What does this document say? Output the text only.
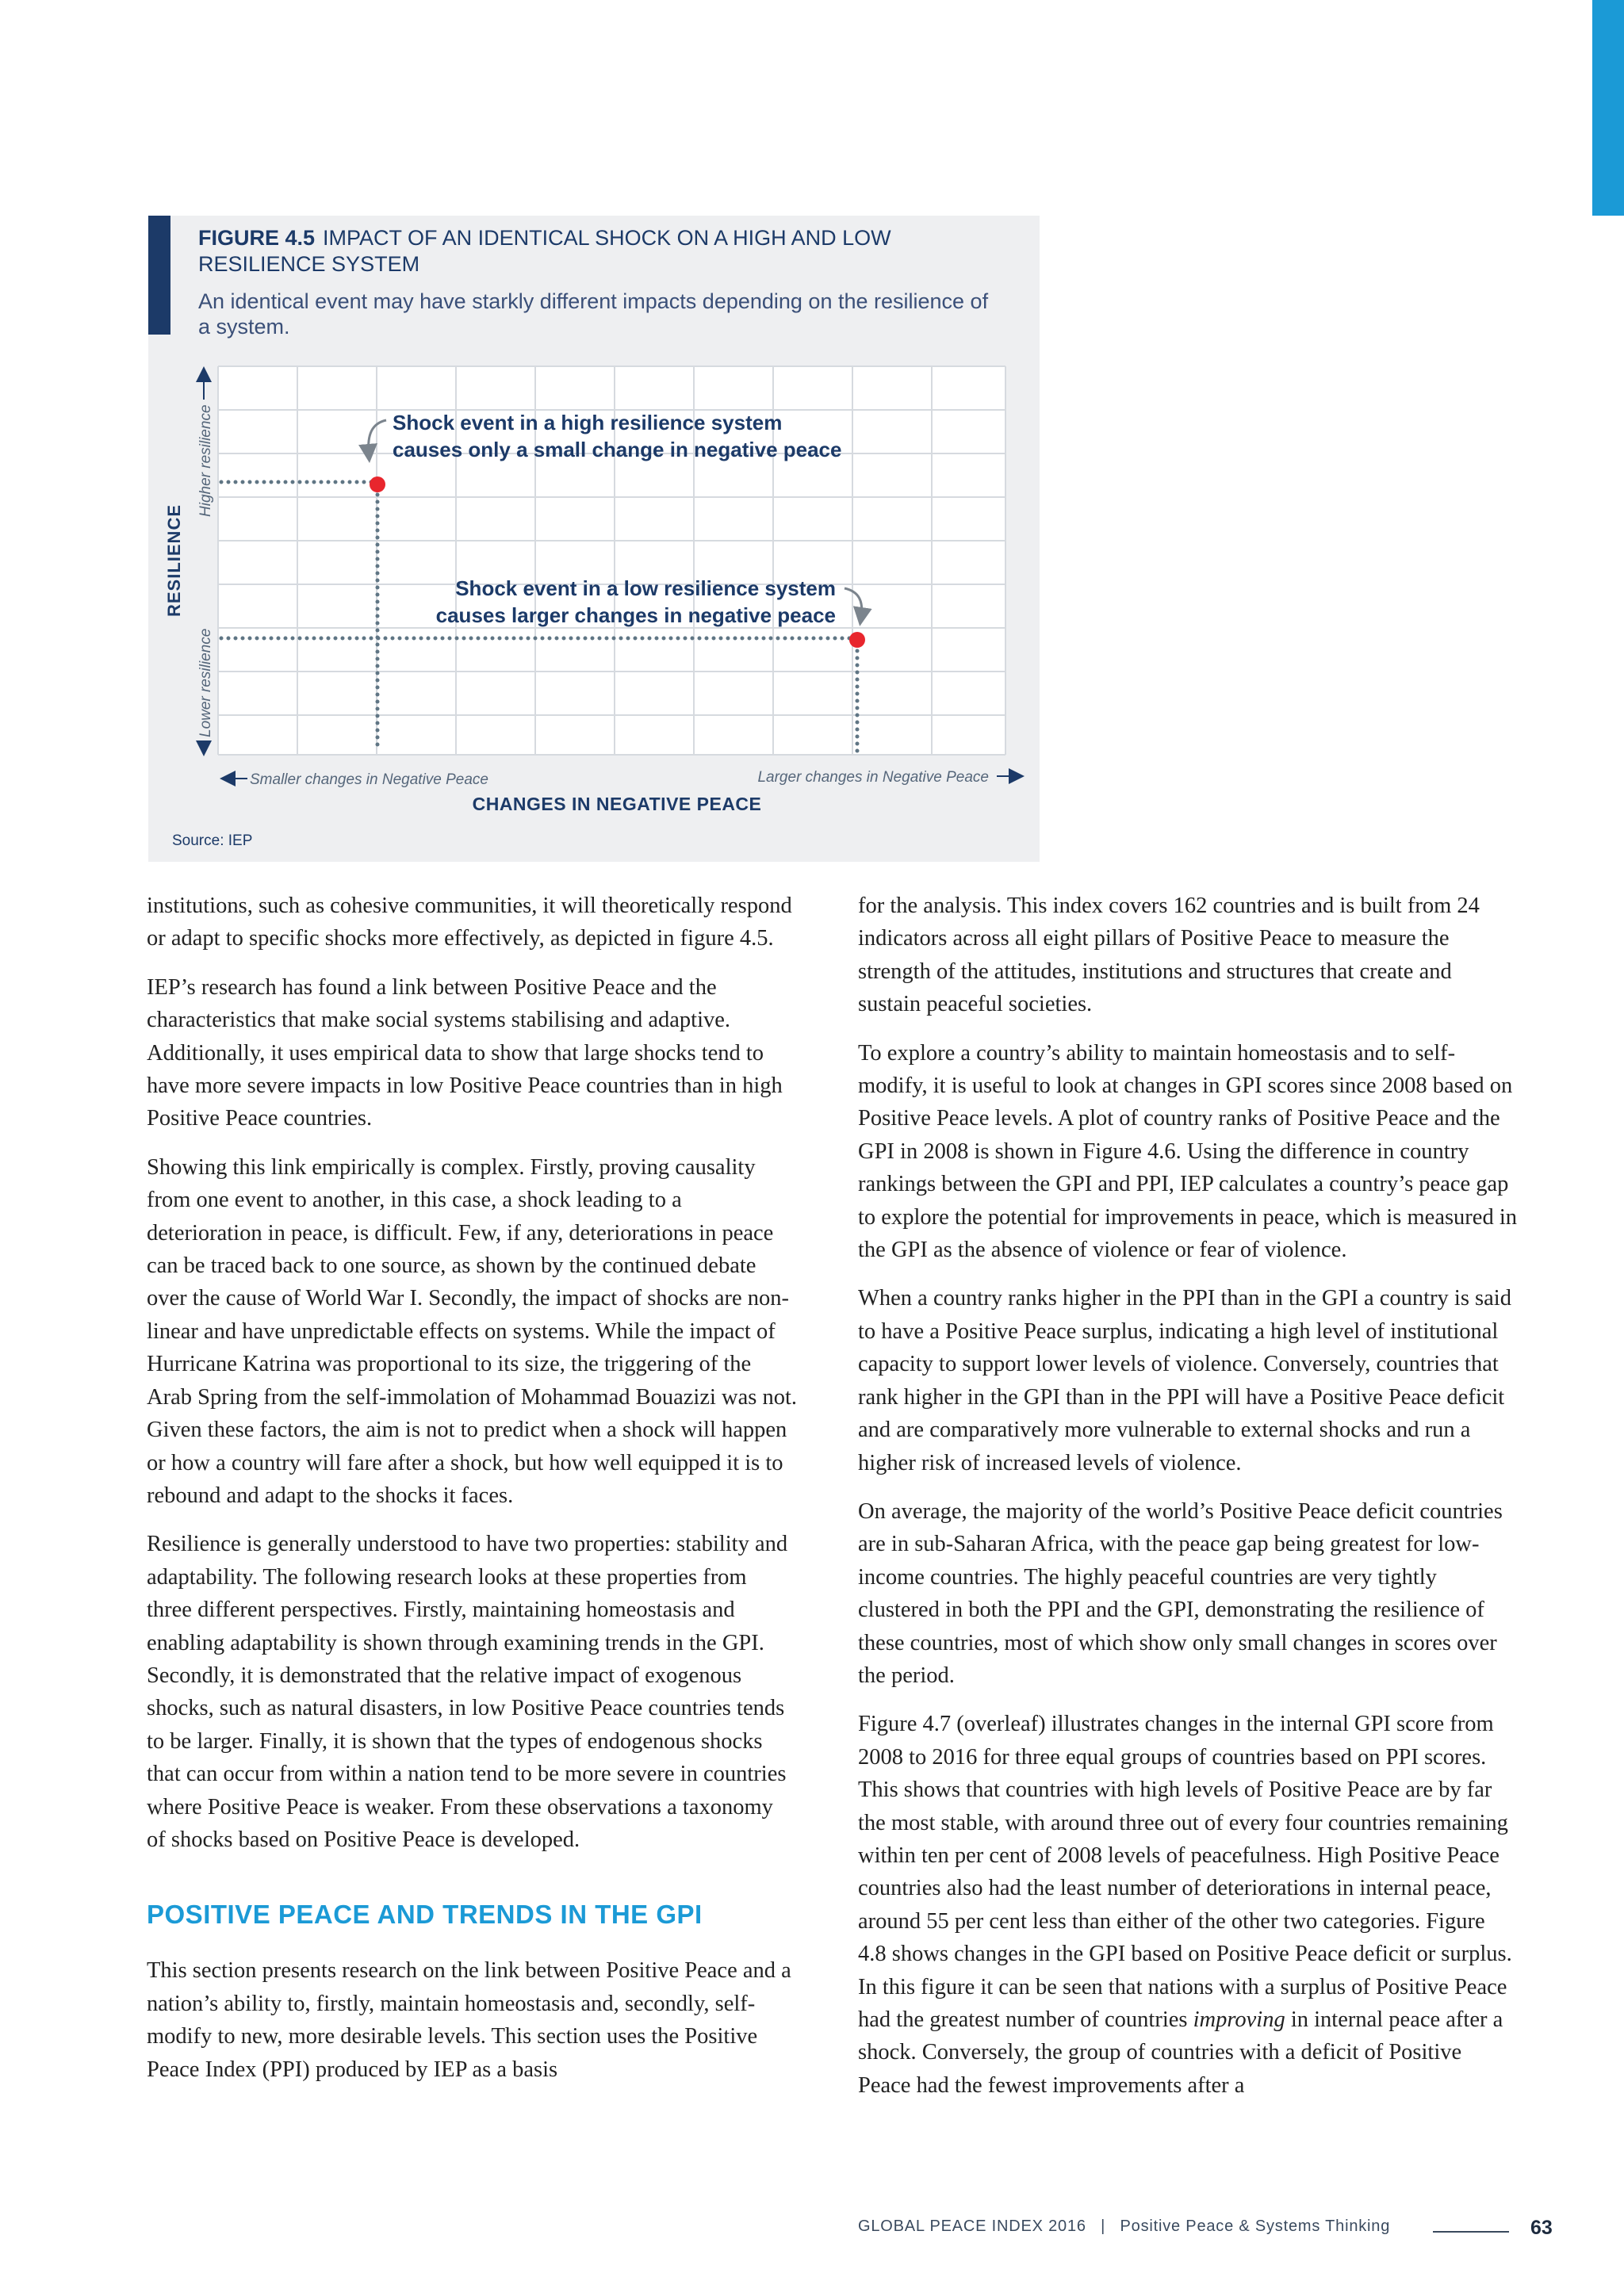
FIGURE 4.5 IMPACT OF AN IDENTICAL SHOCK ON A HIGH AND LOW RESILIENCE SYSTEM
An identical event may have starkly different impacts depending on the resilience of a system.
Shock event in a high resilience system
causes only a small change in negative peace
Shock event in a low resilience system
causes larger changes in negative peace
RESILIENCE
Higher resilience
Lower resilience
Smaller changes in Negative Peace	Larger changes in Negative Peace
CHANGES IN NEGATIVE PEACE
Source: IEP

institutions, such as cohesive communities, it will theoretically respond or adapt to specific shocks more effectively, as depicted in figure 4.5.

IEP’s research has found a link between Positive Peace and the characteristics that make social systems stabilising and adaptive. Additionally, it uses empirical data to show that large shocks tend to have more severe impacts in low Positive Peace countries than in high Positive Peace countries.

Showing this link empirically is complex. Firstly, proving causality from one event to another, in this case, a shock leading to a deterioration in peace, is difficult. Few, if any, deteriorations in peace can be traced back to one source, as shown by the continued debate over the cause of World War I. Secondly, the impact of shocks are non-linear and have unpredictable effects on systems. While the impact of Hurricane Katrina was proportional to its size, the triggering of the Arab Spring from the self-immolation of Mohammad Bouazizi was not. Given these factors, the aim is not to predict when a shock will happen or how a country will fare after a shock, but how well equipped it is to rebound and adapt to the shocks it faces.

Resilience is generally understood to have two properties: stability and adaptability. The following research looks at these properties from three different perspectives. Firstly, maintaining homeostasis and enabling adaptability is shown through examining trends in the GPI. Secondly, it is demonstrated that the relative impact of exogenous shocks, such as natural disasters, in low Positive Peace countries tends to be larger. Finally, it is shown that the types of endogenous shocks that can occur from within a nation tend to be more severe in countries where Positive Peace is weaker. From these observations a taxonomy of shocks based on Positive Peace is developed.

POSITIVE PEACE AND TRENDS IN THE GPI

This section presents research on the link between Positive Peace and a nation’s ability to, firstly, maintain homeostasis and, secondly, self-modify to new, more desirable levels. This section uses the Positive Peace Index (PPI) produced by IEP as a basis

for the analysis. This index covers 162 countries and is built from 24 indicators across all eight pillars of Positive Peace to measure the strength of the attitudes, institutions and structures that create and sustain peaceful societies.

To explore a country’s ability to maintain homeostasis and to self-modify, it is useful to look at changes in GPI scores since 2008 based on Positive Peace levels. A plot of country ranks of Positive Peace and the GPI in 2008 is shown in Figure 4.6. Using the difference in country rankings between the GPI and PPI, IEP calculates a country’s peace gap to explore the potential for improvements in peace, which is measured in the GPI as the absence of violence or fear of violence.

When a country ranks higher in the PPI than in the GPI a country is said to have a Positive Peace surplus, indicating a high level of institutional capacity to support lower levels of violence. Conversely, countries that rank higher in the GPI than in the PPI will have a Positive Peace deficit and are comparatively more vulnerable to external shocks and run a higher risk of increased levels of violence.

On average, the majority of the world’s Positive Peace deficit countries are in sub-Saharan Africa, with the peace gap being greatest for low-income countries. The highly peaceful countries are very tightly clustered in both the PPI and the GPI, demonstrating the resilience of these countries, most of which show only small changes in scores over the period.

Figure 4.7 (overleaf) illustrates changes in the internal GPI score from 2008 to 2016 for three equal groups of countries based on PPI scores. This shows that countries with high levels of Positive Peace are by far the most stable, with around three out of every four countries remaining within ten per cent of 2008 levels of peacefulness. High Positive Peace countries also had the least number of deteriorations in internal peace, around 55 per cent less than either of the other two categories. Figure 4.8 shows changes in the GPI based on Positive Peace deficit or surplus. In this figure it can be seen that nations with a surplus of Positive Peace had the greatest number of countries improving in internal peace after a shock. Conversely, the group of countries with a deficit of Positive Peace had the fewest improvements after a

GLOBAL PEACE INDEX 2016 | Positive Peace & Systems Thinking	63
